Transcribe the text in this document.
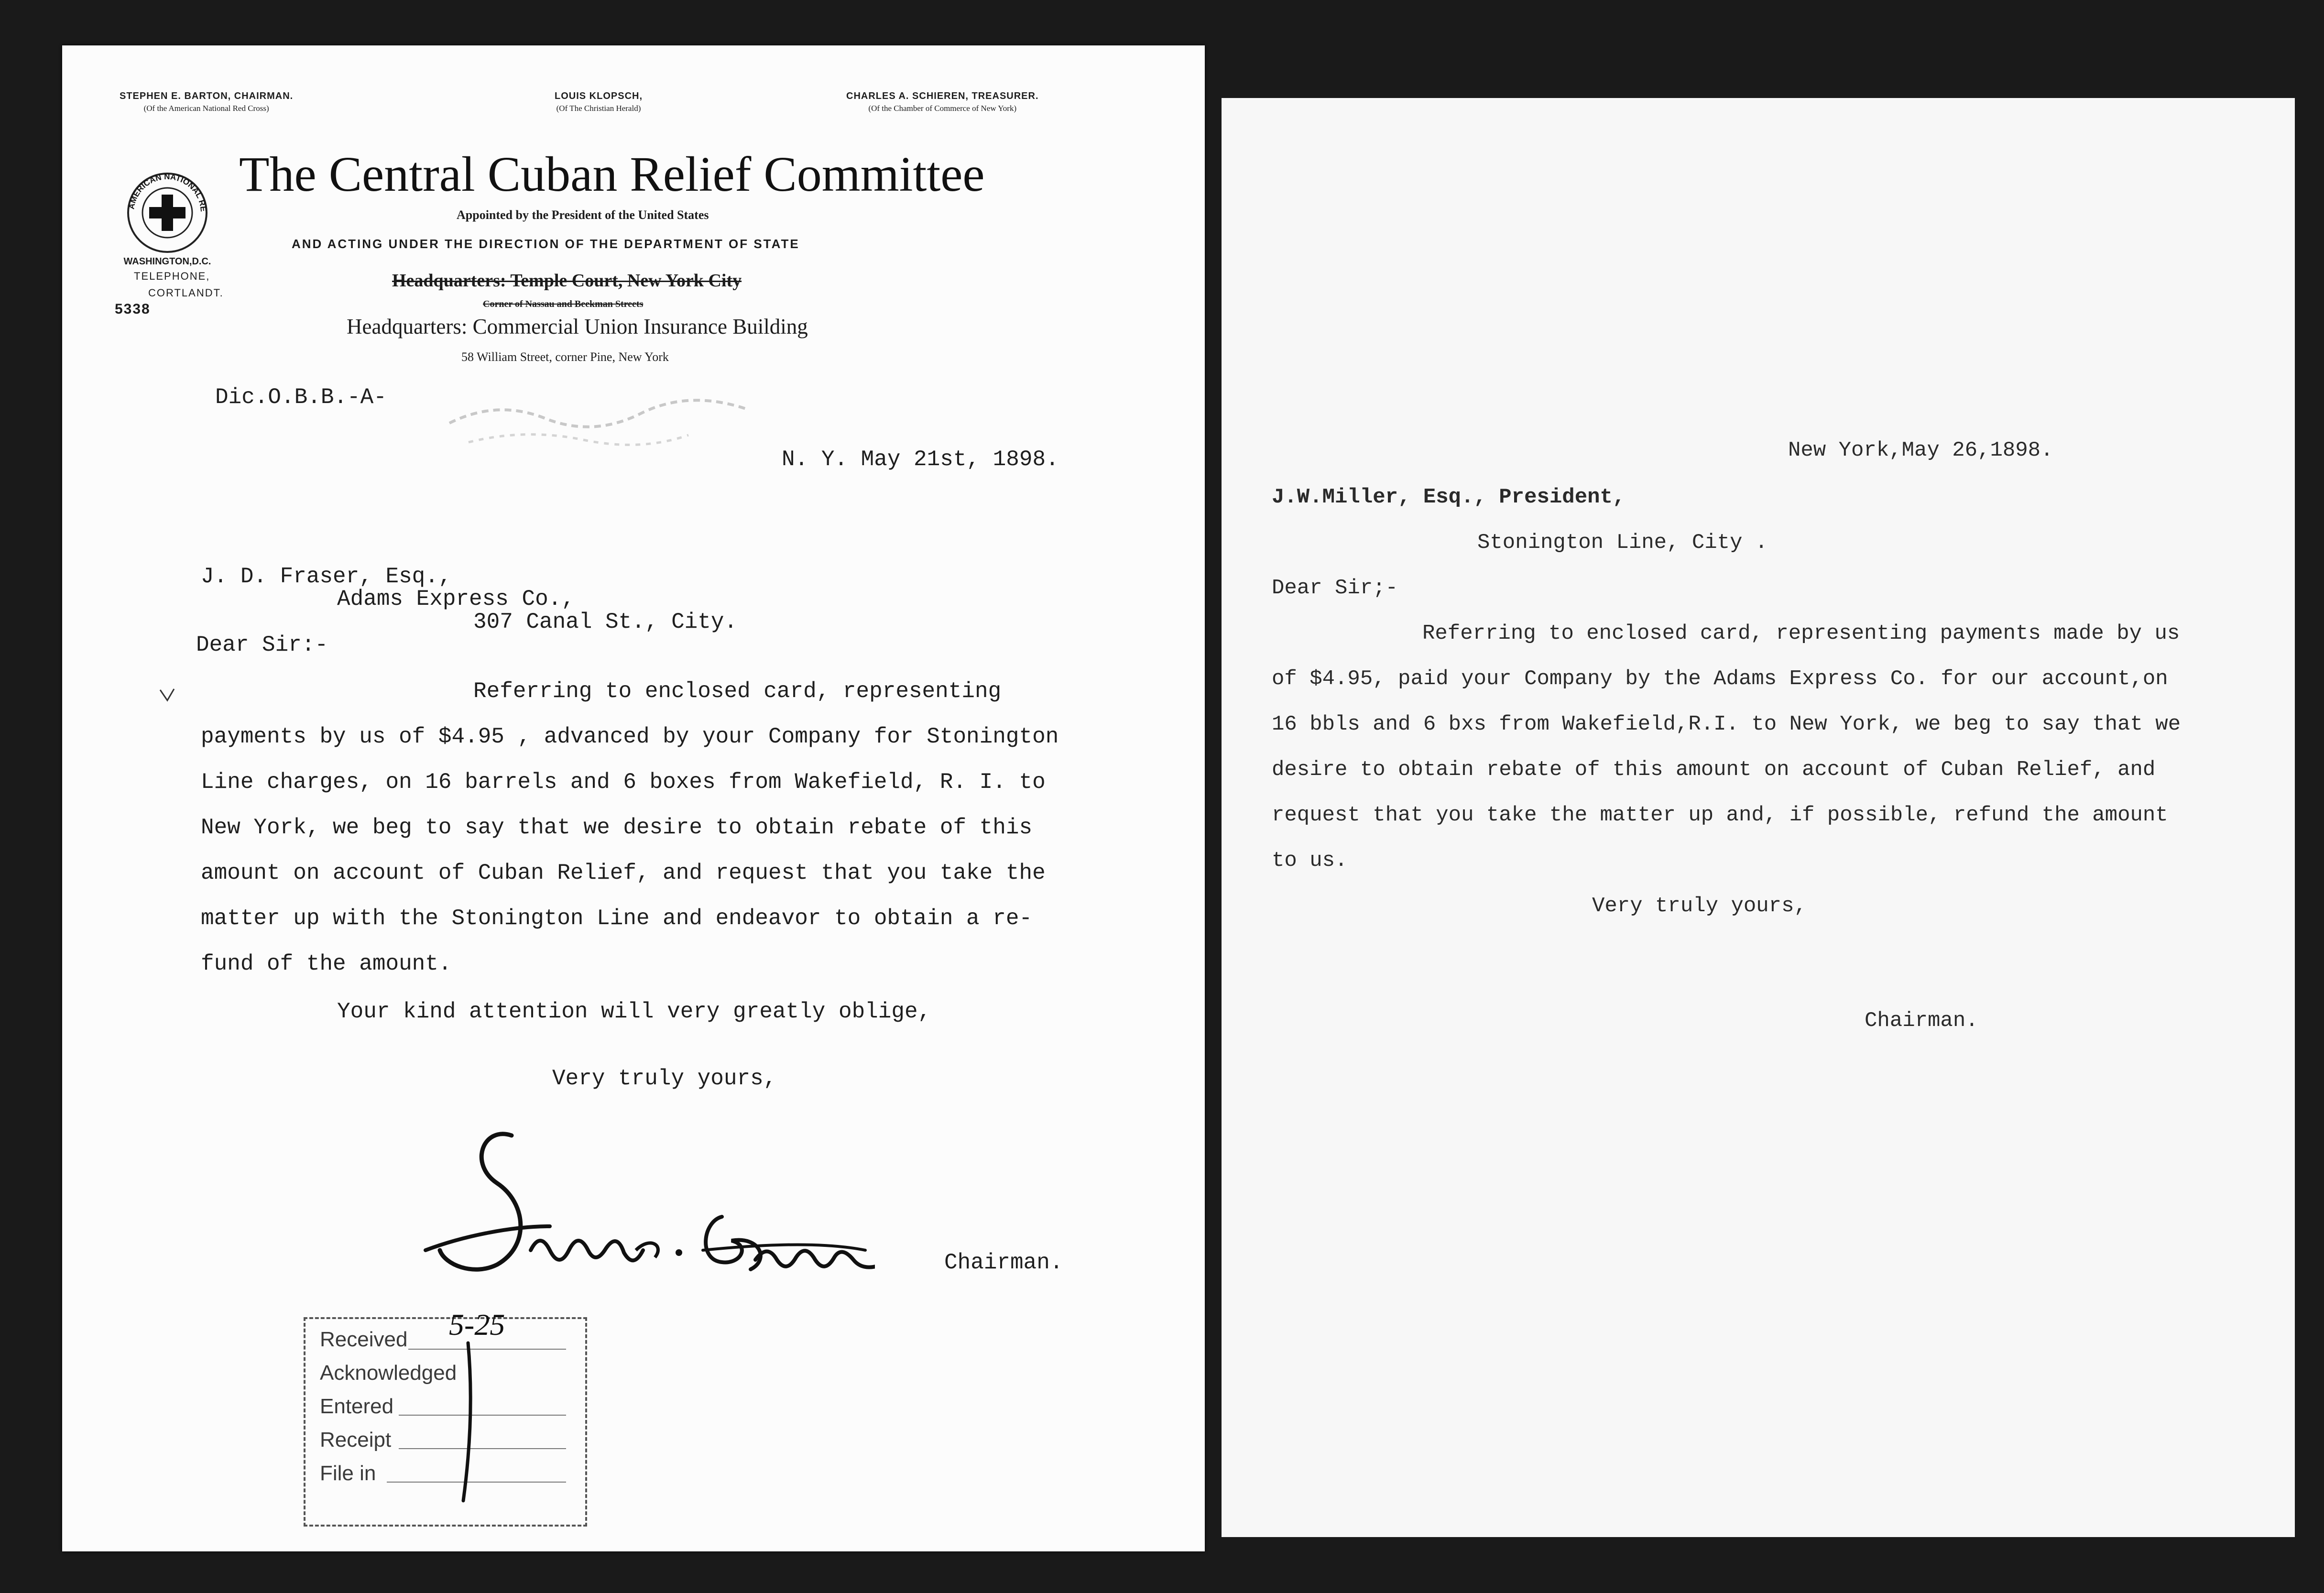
STEPHEN E. BARTON, CHAIRMAN.
(Of the American National Red Cross)
LOUIS KLOPSCH,
(Of The Christian Herald)
CHARLES A. SCHIEREN, TREASURER.
(Of the Chamber of Commerce of New York)
AMERICAN NATIONAL RE
WASHINGTON,D.C.
The Central Cuban Relief Committee
Appointed by the President of the United States
AND ACTING UNDER THE DIRECTION OF THE DEPARTMENT OF STATE
TELEPHONE,
CORTLANDT.
5338
Headquarters: Temple Court, New York City
Corner of Nassau and Beekman Streets
Headquarters: Commercial Union Insurance Building
58 William Street, corner Pine, New York
Dic.O.B.B.-A-
N. Y. May 21st, 1898.
J. D. Fraser, Esq.,
Adams Express Co.,
307 Canal St., City.
Dear Sir:-
Referring to enclosed card, representing
payments by us of $4.95 , advanced by your Company for Stonington
Line charges, on 16 barrels and 6 boxes from Wakefield, R. I. to
New York, we beg to say that we desire to obtain rebate of this
amount on account of Cuban Relief, and request that you take the
matter up with the Stonington Line and endeavor to obtain a re-
fund of the amount.
Your kind attention will very greatly oblige,
Very truly yours,
Chairman.
Received
Acknowledged
Entered
Receipt
File in
5-25
New York,May 26,1898.
J.W.Miller, Esq., President,
Stonington Line, City .
Dear Sir;-
Referring to enclosed card, representing payments made by us
of $4.95, paid your Company by the Adams Express Co. for our account,on
16 bbls and 6 bxs from Wakefield,R.I. to New York, we beg to say that we
desire to obtain rebate of this amount on account of Cuban Relief, and
request that you take the matter up and, if possible, refund the amount
to us.
Very truly yours,
Chairman.
